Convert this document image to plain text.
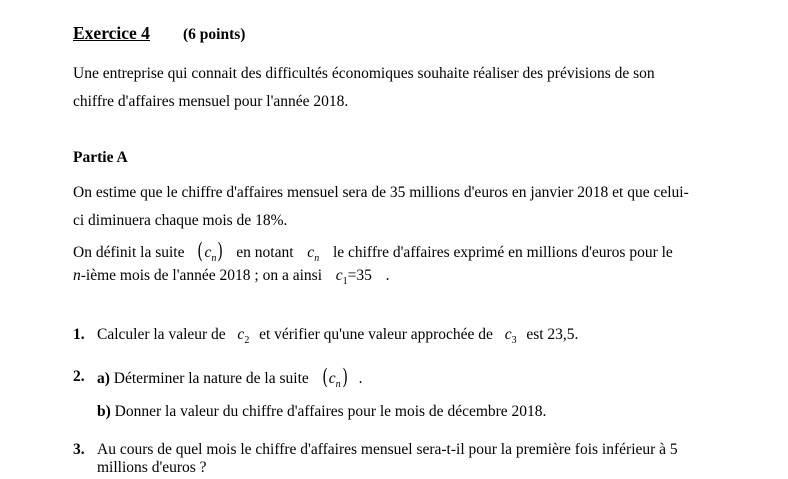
Exercice 4	(6 points)
Une entreprise qui connait des difficultés économiques souhaite réaliser des prévisions de son
chiffre d'affaires mensuel pour l'année 2018.
Partie A
On estime que le chiffre d'affaires mensuel sera de 35 millions d'euros en janvier 2018 et que celui-
ci diminuera chaque mois de 18%.
On définit la suite $(c_n)$ en notant $c_n$ le chiffre d'affaires exprimé en millions d'euros pour le
n-ième mois de l'année 2018 ; on a ainsi $c_1=35$ .
1. Calculer la valeur de $c_2$ et vérifier qu'une valeur approchée de $c_3$ est 23,5.
2. a) Déterminer la nature de la suite $(c_n)$ .
b) Donner la valeur du chiffre d'affaires pour le mois de décembre 2018.
3. Au cours de quel mois le chiffre d'affaires mensuel sera-t-il pour la première fois inférieur à 5
millions d'euros ?
